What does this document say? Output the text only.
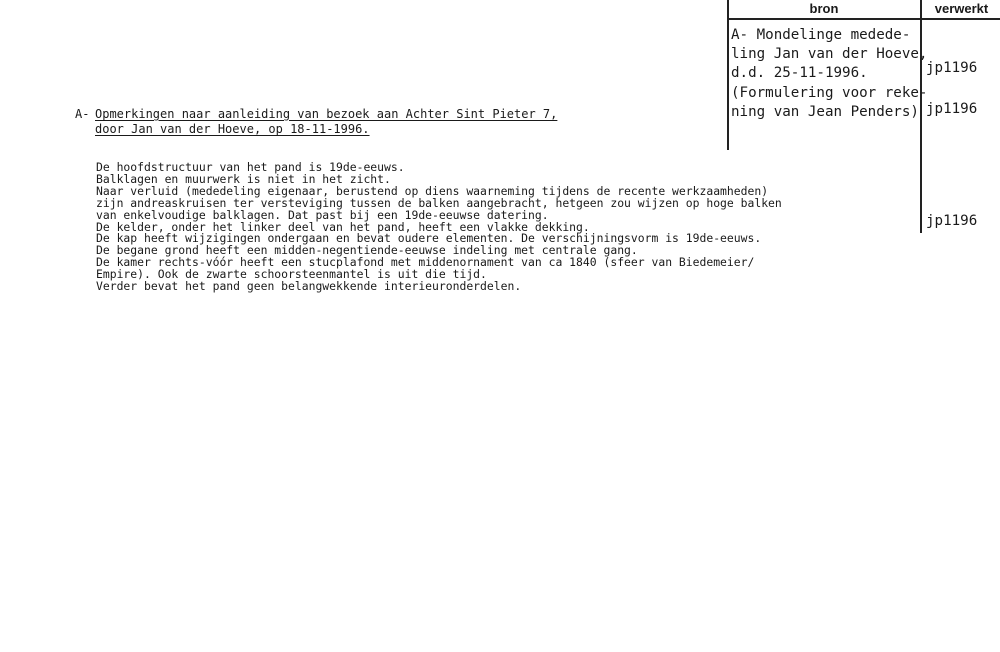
bron	verwerkt
A- Mondelinge medede-
ling Jan van der Hoeve,
d.d. 25-11-1996.	jp1196
(Formulering voor reke-
ning van Jean Penders) jp1196
jp1196
A- Opmerkingen naar aanleiding van bezoek aan Achter Sint Pieter 7,
door Jan van der Hoeve, op 18-11-1996.
De hoofdstructuur van het pand is 19de-eeuws.
Balklagen en muurwerk is niet in het zicht.
Naar verluid (mededeling eigenaar, berustend op diens waarneming tijdens de recente werkzaamheden)
zijn andreaskruisen ter versteviging tussen de balken aangebracht, hetgeen zou wijzen op hoge balken
van enkelvoudige balklagen. Dat past bij een 19de-eeuwse datering.
De kelder, onder het linker deel van het pand, heeft een vlakke dekking.
De kap heeft wijzigingen ondergaan en bevat oudere elementen. De verschijningsvorm is 19de-eeuws.
De begane grond heeft een midden-negentiende-eeuwse indeling met centrale gang.
De kamer rechts-vóór heeft een stucplafond met middenornament van ca 1840 (sfeer van Biedemeier/
Empire). Ook de zwarte schoorsteenmantel is uit die tijd.
Verder bevat het pand geen belangwekkende interieuronderdelen.
